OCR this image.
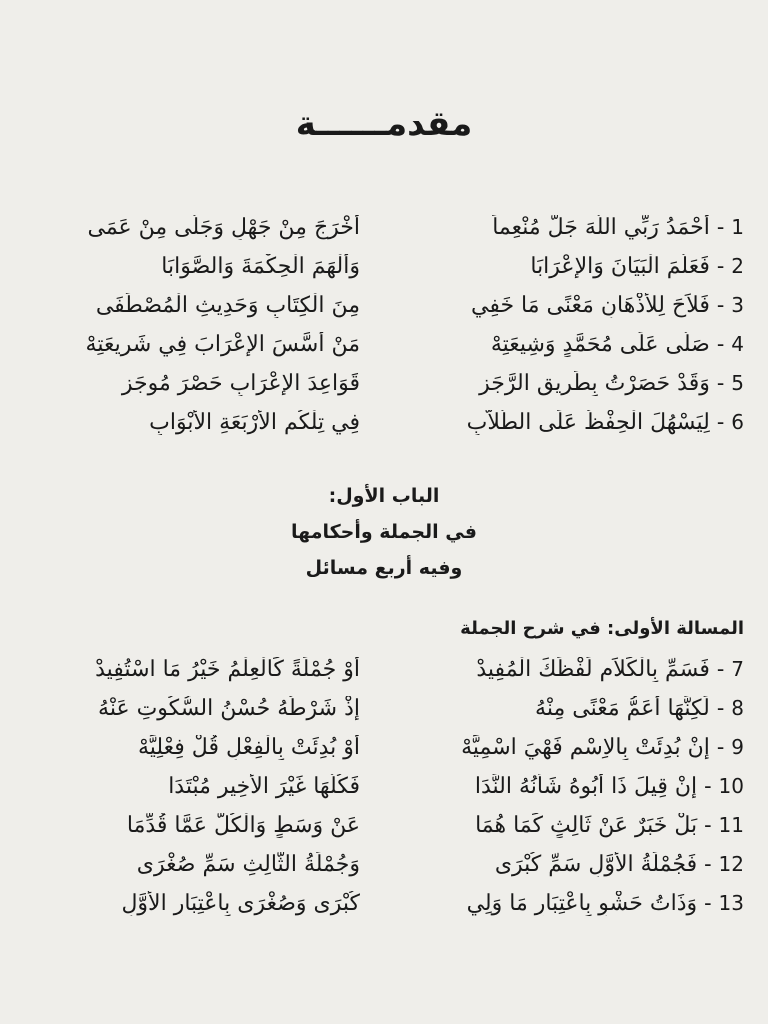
مقدمــــــة
1 - أَحْمَدُ رَبِّي اللَّهَ جَلَّ مُنْعِماً
أَخْرَجَ مِنْ جَهْلٍ وَجَلَّى مِنْ عَمَى
2 - فَعَلَّمَ الْبَيَانَ وَالإِعْرَابَا
وَأَلْهَمَ الْحِكْمَةَ وَالصَّوَابَا
3 - فَلاَحَ لِلأَذْهَانِ مَعْنًى مَا خَفِي
مِنَ الْكِتَابِ وَحَدِيثِ الْمُصْطَفَى
4 - صَلَّى عَلَى مُحَمَّدٍ وَشِيعَتِهْ
مَنْ أَسَّسَ الإِعْرَابَ فِي شَرِيعَتِهْ
5 - وَقَدْ حَصَرْتُ بِطَرِيقِ الرَّجَزِ
قَوَاعِدَ الإِعْرَابِ حَصْرَ مُوجَزِ
6 - لِيَسْهُلَ الْحِفْظُ عَلَى الطُّلاَّبِ
فِي تِلْكُمِ الأَرْبَعَةِ الأَبْوَابِ
الباب الأول:
في الجملة وأحكامها
وفيه أربع مسائل
المسالة الأولى: في شرح الجملة
7 - فَسَمِّ بِالْكَلاَمِ لَفْظَكَ الْمُفِيدْ
أَوْ جُمْلَةً كَالْعِلْمُ خَيْرُ مَا اسْتُفِيدْ
8 - لَكِنَّهَا أَعَمُّ مَعْنًى مِنْهُ
إِذْ شَرْطُهُ حُسْنُ السُّكُوتِ عَنْهُ
9 - إِنْ بُدِئَتْ بِالاِسْمِ فَهْيَ اسْمِيَّهْ
أَوْ بُدِئَتْ بِالْفِعْلِ قُلْ فِعْلِيَّهْ
10 - إِنْ قِيلَ ذَا أَبُوهُ شَأْنُهُ النَّدَا
فَكُلُّهَا غَيْرَ الأَخِيرِ مُبْتَدَا
11 - بَلْ خَبَرٌ عَنْ ثَالِثٍ كَمَا هُمَا
عَنْ وَسَطٍ وَالْكُلُّ عَمَّا قُدِّمَا
12 - فَجُمْلَةُ الأَوَّلِ سَمِّ كُبْرَى
وَجُمْلَةُ الثَّالِثِ سَمِّ صُغْرَى
13 - وَذَاتُ حَشْوٍ بِاعْتِبَارِ مَا وَلِي
كُبْرَى وَصُغْرَى بِاعْتِبَارِ الأَوَّلِ
